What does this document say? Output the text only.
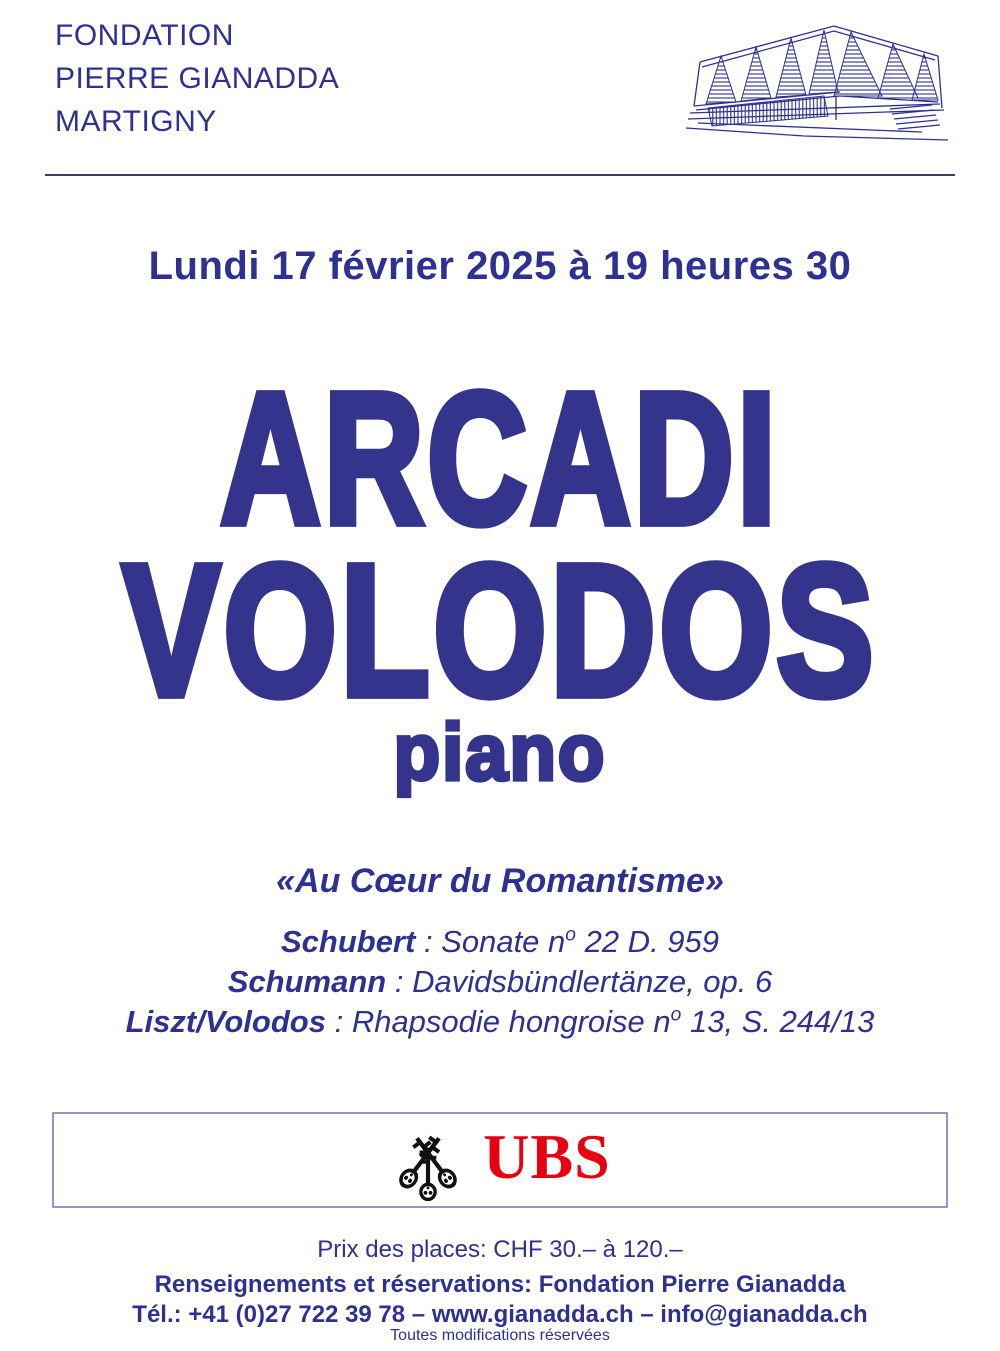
FONDATION
PIERRE GIANADDA
MARTIGNY
Lundi 17 février 2025 à 19 heures 30
ARCADI
VOLODOS
piano
«Au Cœur du Romantisme»
Schubert : Sonate $n^o$ 22 D. 959
Schumann : Davidsbündlertänze, op. 6
Liszt/Volodos : Rhapsodie hongroise $n^o$ 13, S. 244/13
UBS
Prix des places: CHF 30.– à 120.–
Renseignements et réservations: Fondation Pierre Gianadda
Tél.: +41 (0)27 722 39 78 – www.gianadda.ch – info@gianadda.ch
Toutes modifications réservées
